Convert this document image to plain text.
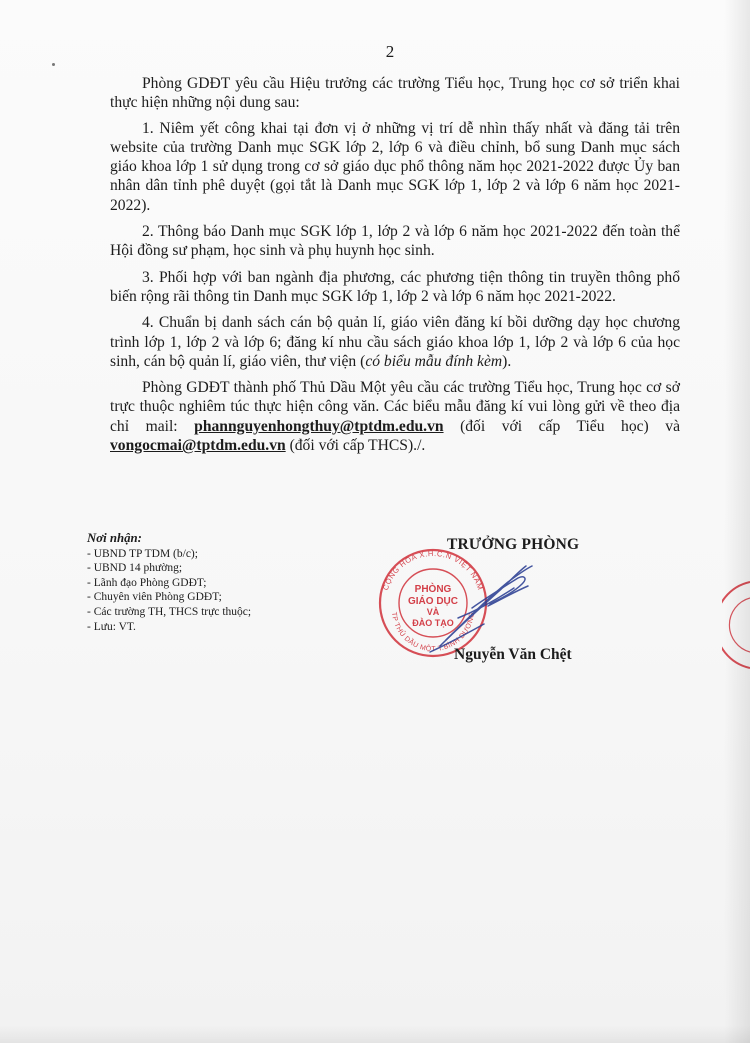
2

Phòng GDĐT yêu cầu Hiệu trưởng các trường Tiểu học, Trung học cơ sở triển khai thực hiện những nội dung sau:

1. Niêm yết công khai tại đơn vị ở những vị trí dễ nhìn thấy nhất và đăng tải trên website của trường Danh mục SGK lớp 2, lớp 6 và điều chỉnh, bổ sung Danh mục sách giáo khoa lớp 1 sử dụng trong cơ sở giáo dục phổ thông năm học 2021-2022 được Ủy ban nhân dân tỉnh phê duyệt (gọi tắt là Danh mục SGK lớp 1, lớp 2 và lớp 6 năm học 2021-2022).

2. Thông báo Danh mục SGK lớp 1, lớp 2 và lớp 6 năm học 2021-2022 đến toàn thể Hội đồng sư phạm, học sinh và phụ huynh học sinh.

3. Phối hợp với ban ngành địa phương, các phương tiện thông tin truyền thông phổ biến rộng rãi thông tin Danh mục SGK lớp 1, lớp 2 và lớp 6 năm học 2021-2022.

4. Chuẩn bị danh sách cán bộ quản lí, giáo viên đăng kí bồi dưỡng dạy học chương trình lớp 1, lớp 2 và lớp 6; đăng kí nhu cầu sách giáo khoa lớp 1, lớp 2 và lớp 6 của học sinh, cán bộ quản lí, giáo viên, thư viện (có biểu mẫu đính kèm).

Phòng GDĐT thành phố Thủ Dầu Một yêu cầu các trường Tiểu học, Trung học cơ sở trực thuộc nghiêm túc thực hiện công văn. Các biểu mẫu đăng kí vui lòng gửi về theo địa chỉ mail: phannguyenhongthuy@tptdm.edu.vn (đối với cấp Tiểu học) và vongocmai@tptdm.edu.vn (đối với cấp THCS)./.

Nơi nhận:
- UBND TP TDM (b/c);
- UBND 14 phường;
- Lãnh đạo Phòng GDĐT;
- Chuyên viên Phòng GDĐT;
- Các trường TH, THCS trực thuộc;
- Lưu: VT.
TRƯỞNG PHÒNG
CỘNG HÒA X.H.C.N VIỆT NAM
TP THỦ DẦU MỘT-T.BÌNH DƯƠNG
PHÒNG
GIÁO DỤC
VÀ
ĐÀO TẠO
Nguyễn Văn Chệt
